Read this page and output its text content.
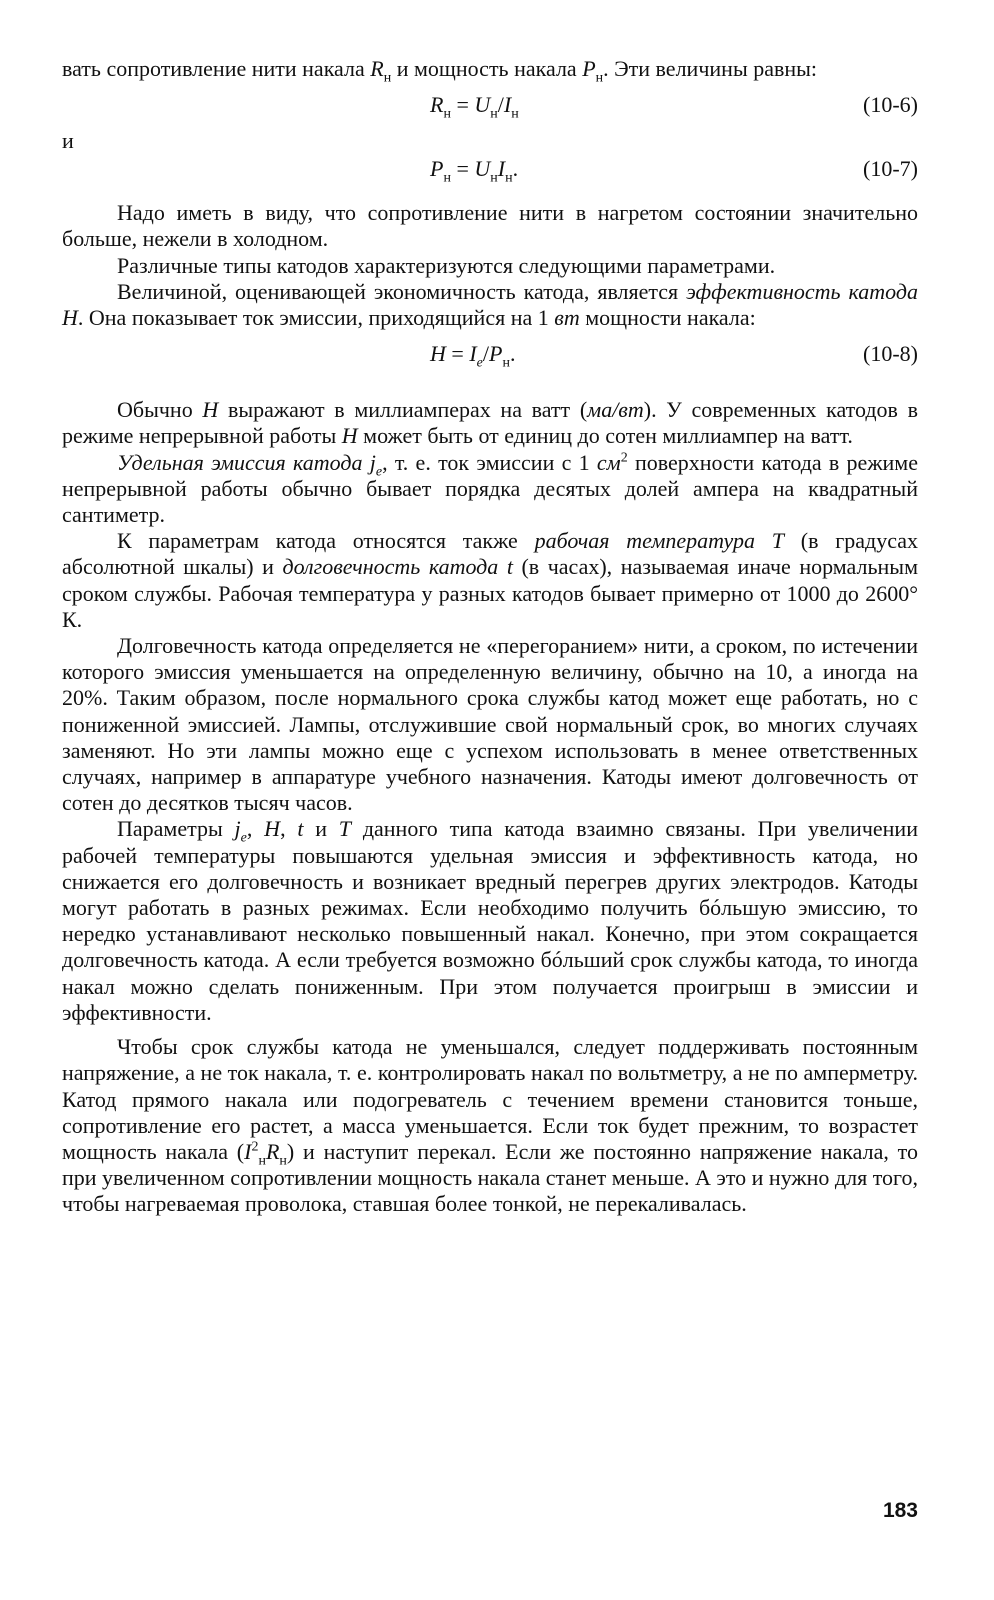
вать сопротивление нити накала $R_н$ и мощность накала $P_н$. Эти величины равны:

$R_н = U_н/I_н$	(10-6)
и
$P_н = U_нI_н$.	(10-7)

Надо иметь в виду, что сопротивление нити в нагретом состоянии значительно больше, нежели в холодном.

Различные типы катодов характеризуются следующими параметрами.

Величиной, оценивающей экономичность катода, является эффективность катода H. Она показывает ток эмиссии, приходящийся на 1 вт мощности накала:

$H = I_e/P_н$.	(10-8)

Обычно H выражают в миллиамперах на ватт (ма/вт). У современных катодов в режиме непрерывной работы H может быть от единиц до сотен миллиампер на ватт.

Удельная эмиссия катода $j_e$, т. е. ток эмиссии с 1 $см^2$ поверхности катода в режиме непрерывной работы обычно бывает порядка десятых долей ампера на квадратный сантиметр.

К параметрам катода относятся также рабочая температура T (в градусах абсолютной шкалы) и долговечность катода t (в часах), называемая иначе нормальным сроком службы. Рабочая температура у разных катодов бывает примерно от 1000 до 2600° К.

Долговечность катода определяется не «перегоранием» нити, а сроком, по истечении которого эмиссия уменьшается на определенную величину, обычно на 10, а иногда на 20%. Таким образом, после нормального срока службы катод может еще работать, но с пониженной эмиссией. Лампы, отслужившие свой нормальный срок, во многих случаях заменяют. Но эти лампы можно еще с успехом использовать в менее ответственных случаях, например в аппаратуре учебного назначения. Катоды имеют долговечность от сотен до десятков тысяч часов.

Параметры $j_e$, H, t и T данного типа катода взаимно связаны. При увеличении рабочей температуры повышаются удельная эмиссия и эффективность катода, но снижается его долговечность и возникает вредный перегрев других электродов. Катоды могут работать в разных режимах. Если необходимо получить бóльшую эмиссию, то нередко устанавливают несколько повышенный накал. Конечно, при этом сокращается долговечность катода. А если требуется возможно бóльший срок службы катода, то иногда накал можно сделать пониженным. При этом получается проигрыш в эмиссии и эффективности.

Чтобы срок службы катода не уменьшался, следует поддерживать постоянным напряжение, а не ток накала, т. е. контролировать накал по вольтметру, а не по амперметру. Катод прямого накала или подогреватель с течением времени становится тоньше, сопротивление его растет, а масса уменьшается. Если ток будет прежним, то возрастет мощность накала $(I^2_нR_н)$ и наступит перекал. Если же постоянно напряжение накала, то при увеличенном сопротивлении мощность накала станет меньше. А это и нужно для того, чтобы нагреваемая проволока, ставшая более тонкой, не перекаливалась.

183
